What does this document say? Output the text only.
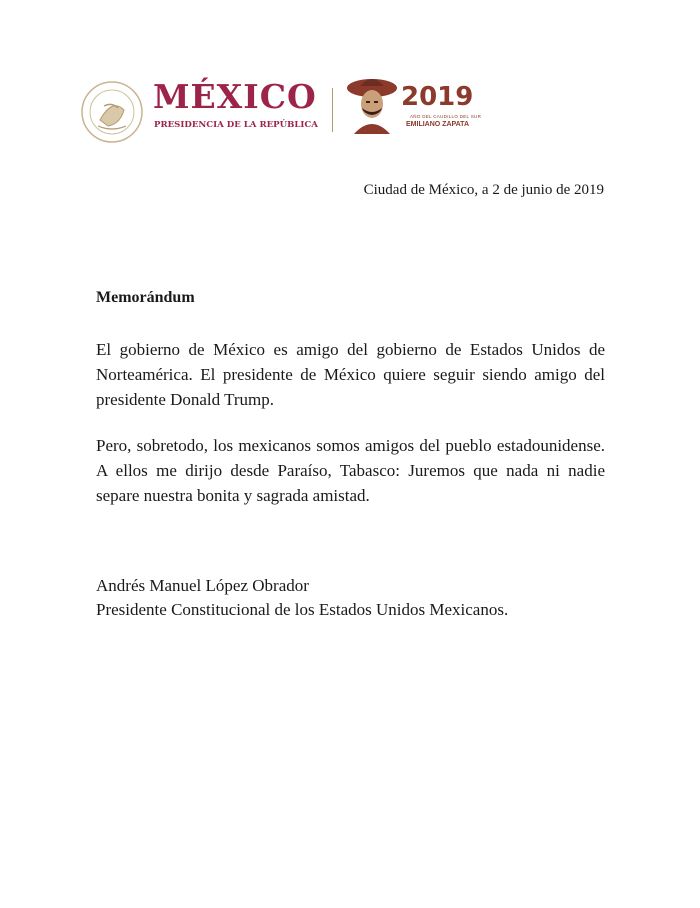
MÉXICO
PRESIDENCIA DE LA REPÚBLICA
2019
AÑO DEL CAUDILLO DEL SUR
EMILIANO ZAPATA
Ciudad de México, a 2 de junio de 2019
Memorándum
El gobierno de México es amigo del gobierno de Estados Unidos de Norteamérica. El presidente de México quiere seguir siendo amigo del presidente Donald Trump.
Pero, sobretodo, los mexicanos somos amigos del pueblo estadounidense. A ellos me dirijo desde Paraíso, Tabasco: Juremos que nada ni nadie separe nuestra bonita y sagrada amistad.
Andrés Manuel López Obrador
Presidente Constitucional de los Estados Unidos Mexicanos.
